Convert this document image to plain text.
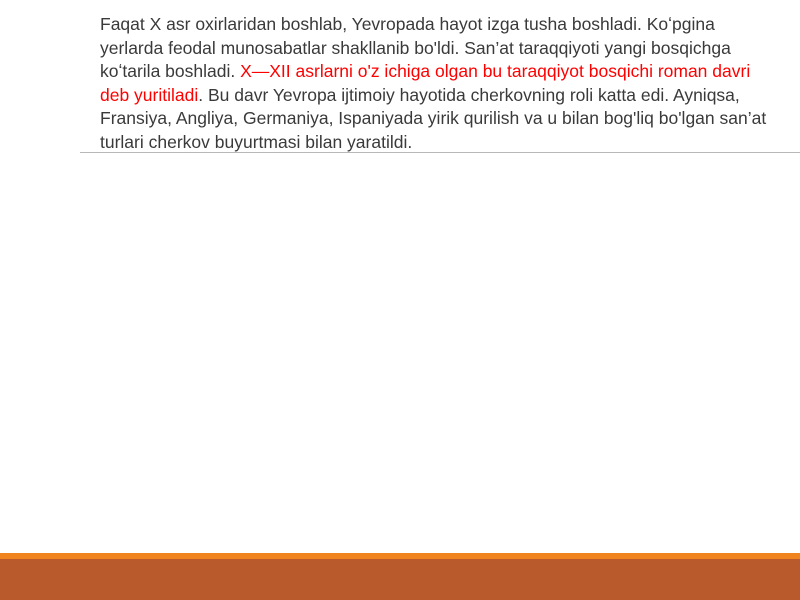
Faqat X asr oxirlaridan boshlab, Yevropada hayot izga tusha boshladi. Koʻpgina yerlarda feodal munosabatlar shakllanib bo'ldi. San’at taraqqiyoti yangi bosqichga koʻtarila boshladi. X—XII asrlarni o'z ichiga olgan bu taraqqiyot bosqichi roman davri deb yuritiladi. Bu davr Yevropa ijtimoiy hayotida cherkovning roli katta edi. Ayniqsa, Fransiya, Angliya, Germaniya, Ispaniyada yirik qurilish va u bilan bog'liq bo'lgan san’at turlari cherkov buyurtmasi bilan yaratildi.
